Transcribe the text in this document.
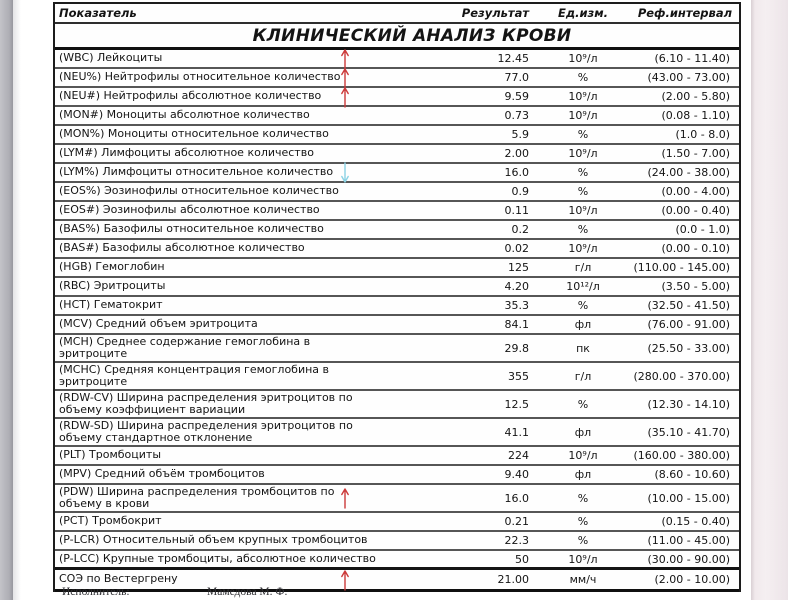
Показатель	Результат	Ед.изм.	Реф.интервал
КЛИНИЧЕСКИЙ АНАЛИЗ КРОВИ
(WBC) Лейкоциты	12.45	10⁹/л	(6.10 - 11.40)
(NEU%) Нейтрофилы относительное количество	77.0	%	(43.00 - 73.00)
(NEU#) Нейтрофилы абсолютное количество	9.59	10⁹/л	(2.00 - 5.80)
(MON#) Моноциты абсолютное количество	0.73	10⁹/л	(0.08 - 1.10)
(MON%) Моноциты относительное количество	5.9	%	(1.0 - 8.0)
(LYM#) Лимфоциты абсолютное количество	2.00	10⁹/л	(1.50 - 7.00)
(LYM%) Лимфоциты относительное количество	16.0	%	(24.00 - 38.00)
(EOS%) Эозинофилы относительное количество	0.9	%	(0.00 - 4.00)
(EOS#) Эозинофилы абсолютное количество	0.11	10⁹/л	(0.00 - 0.40)
(BAS%) Базофилы относительное количество	0.2	%	(0.0 - 1.0)
(BAS#) Базофилы абсолютное количество	0.02	10⁹/л	(0.00 - 0.10)
(HGB) Гемоглобин	125	г/л	(110.00 - 145.00)
(RBC) Эритроциты	4.20	10¹²/л	(3.50 - 5.00)
(HCT) Гематокрит	35.3	%	(32.50 - 41.50)
(MCV) Средний объем эритроцита	84.1	фл	(76.00 - 91.00)
(MCH) Среднее содержание гемоглобина в
эритроците	29.8	пк	(25.50 - 33.00)
(MCHC) Средняя концентрация гемоглобина в
эритроците	355	г/л	(280.00 - 370.00)
(RDW-CV) Ширина распределения эритроцитов по
объему коэффициент вариации	12.5	%	(12.30 - 14.10)
(RDW-SD) Ширина распределения эритроцитов по
объему стандартное отклонение	41.1	фл	(35.10 - 41.70)
(PLT) Тромбоциты	224	10⁹/л	(160.00 - 380.00)
(MPV) Средний объём тромбоцитов	9.40	фл	(8.60 - 10.60)
(PDW) Ширина распределения тромбоцитов по
объему в крови	16.0	%	(10.00 - 15.00)
(PCT) Тромбокрит	0.21	%	(0.15 - 0.40)
(P-LCR) Относительный объем крупных тромбоцитов	22.3	%	(11.00 - 45.00)
(P-LCC) Крупные тромбоциты, абсолютное количество	50	10⁹/л	(30.00 - 90.00)
СОЭ по Вестергрену	21.00	мм/ч	(2.00 - 10.00)
Исполнитель:	Мамедова М. Ф.
